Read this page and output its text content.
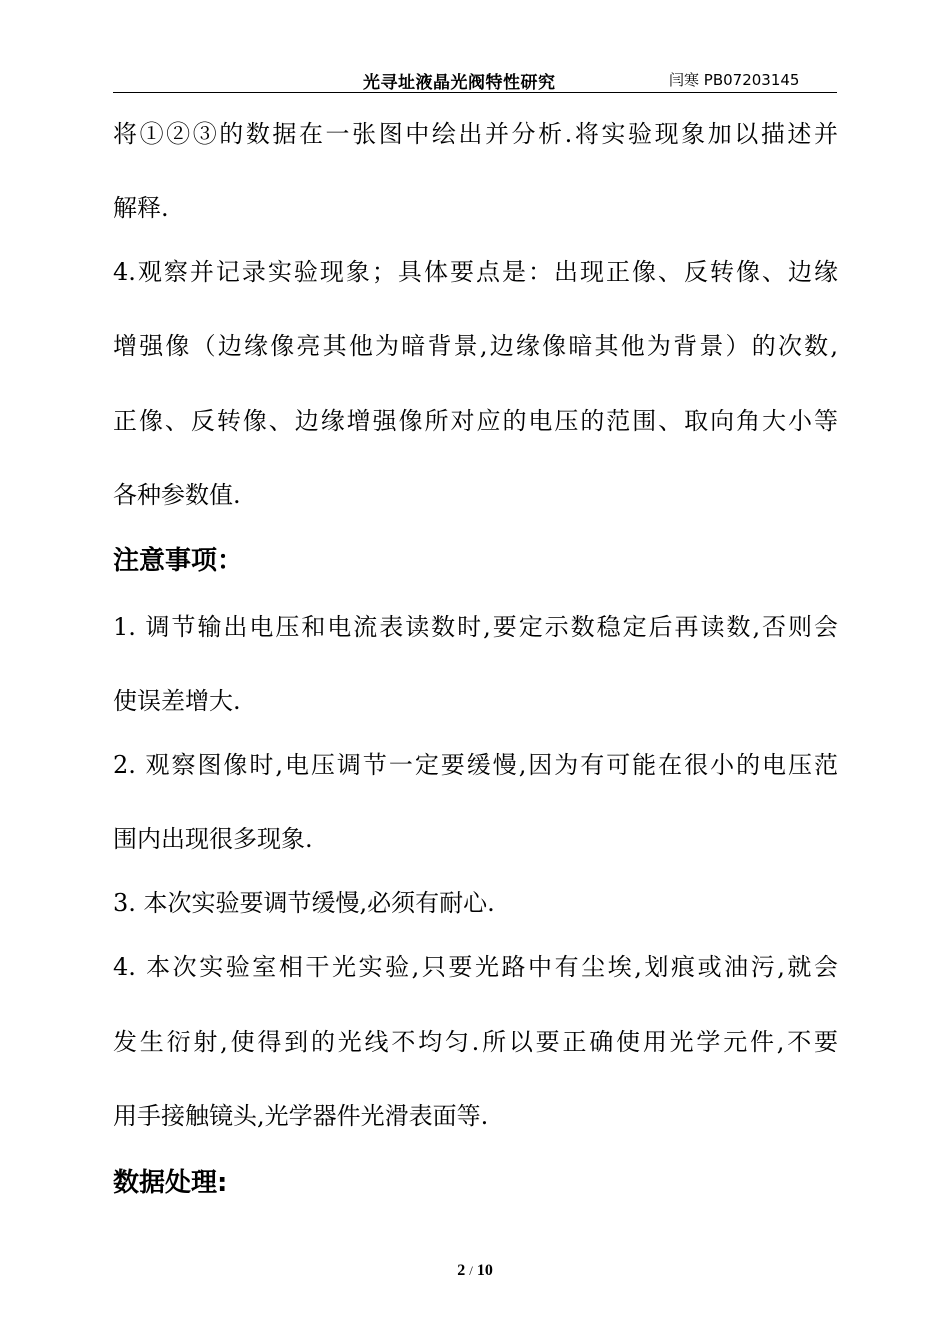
光寻址液晶光阀特性研究	闫寒 PB07203145
将①②③的数据在一张图中绘出并分析.将实验现象加以描述并
解释.
4.观察并记录实验现象；具体要点是：出现正像、反转像、边缘
增强像（边缘像亮其他为暗背景,边缘像暗其他为背景）的次数,
正像、反转像、边缘增强像所对应的电压的范围、取向角大小等
各种参数值.
注意事项：
1. 调节输出电压和电流表读数时,要定示数稳定后再读数,否则会
使误差增大.
2. 观察图像时,电压调节一定要缓慢,因为有可能在很小的电压范
围内出现很多现象.
3. 本次实验要调节缓慢,必须有耐心.
4. 本次实验室相干光实验,只要光路中有尘埃,划痕或油污,就会
发生衍射,使得到的光线不均匀.所以要正确使用光学元件,不要
用手接触镜头,光学器件光滑表面等.
数据处理:
2 / 10
